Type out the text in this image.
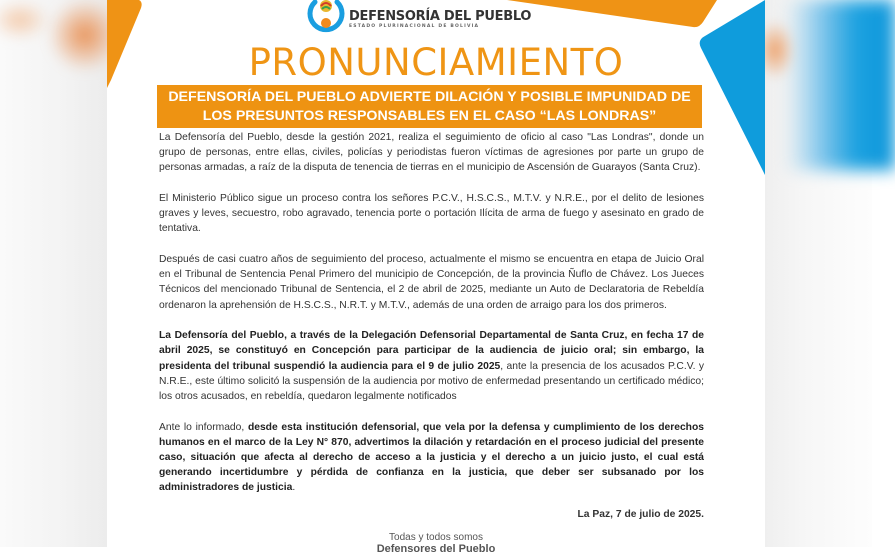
DEFENSORÍA DEL PUEBLO
ESTADO PLURINACIONAL DE BOLIVIA
PRONUNCIAMIENTO
DEFENSORÍA DEL PUEBLO ADVIERTE DILACIÓN Y POSIBLE IMPUNIDAD DE
LOS PRESUNTOS RESPONSABLES EN EL CASO “LAS LONDRAS”

La Defensoría del Pueblo, desde la gestión 2021, realiza el seguimiento de oficio al caso "Las Londras", donde un grupo de personas, entre ellas, civiles, policías y periodistas fueron víctimas de agresiones por parte un grupo de personas armadas, a raíz de la disputa de tenencia de tierras en el municipio de Ascensión de Guarayos (Santa Cruz).

El Ministerio Público sigue un proceso contra los señores P.C.V., H.S.C.S., M.T.V. y N.R.E., por el delito de lesiones graves y leves, secuestro, robo agravado, tenencia porte o portación Ilícita de arma de fuego y asesinato en grado de tentativa.

Después de casi cuatro años de seguimiento del proceso, actualmente el mismo se encuentra en etapa de Juicio Oral en el Tribunal de Sentencia Penal Primero del municipio de Concepción, de la provincia Ñuflo de Chávez. Los Jueces Técnicos del mencionado Tribunal de Sentencia, el 2 de abril de 2025, mediante un Auto de Declaratoria de Rebeldía ordenaron la aprehensión de H.S.C.S., N.R.T. y M.T.V., además de una orden de arraigo para los dos primeros.

La Defensoría del Pueblo, a través de la Delegación Defensorial Departamental de Santa Cruz, en fecha 17 de abril 2025, se constituyó en Concepción para participar de la audiencia de juicio oral; sin embargo, la presidenta del tribunal suspendió la audiencia para el 9 de julio 2025, ante la presencia de los acusados P.C.V. y N.R.E., este último solicitó la suspensión de la audiencia por motivo de enfermedad presentando un certificado médico; los otros acusados, en rebeldía, quedaron legalmente notificados

Ante lo informado, desde esta institución defensorial, que vela por la defensa y cumplimiento de los derechos humanos en el marco de la Ley N° 870, advertimos la dilación y retardación en el proceso judicial del presente caso, situación que afecta al derecho de acceso a la justicia y el derecho a un juicio justo, el cual está generando incertidumbre y pérdida de confianza en la justicia, que deber ser subsanado por los administradores de justicia.

La Paz, 7 de julio de 2025.
Todas y todos somos
Defensores del Pueblo
